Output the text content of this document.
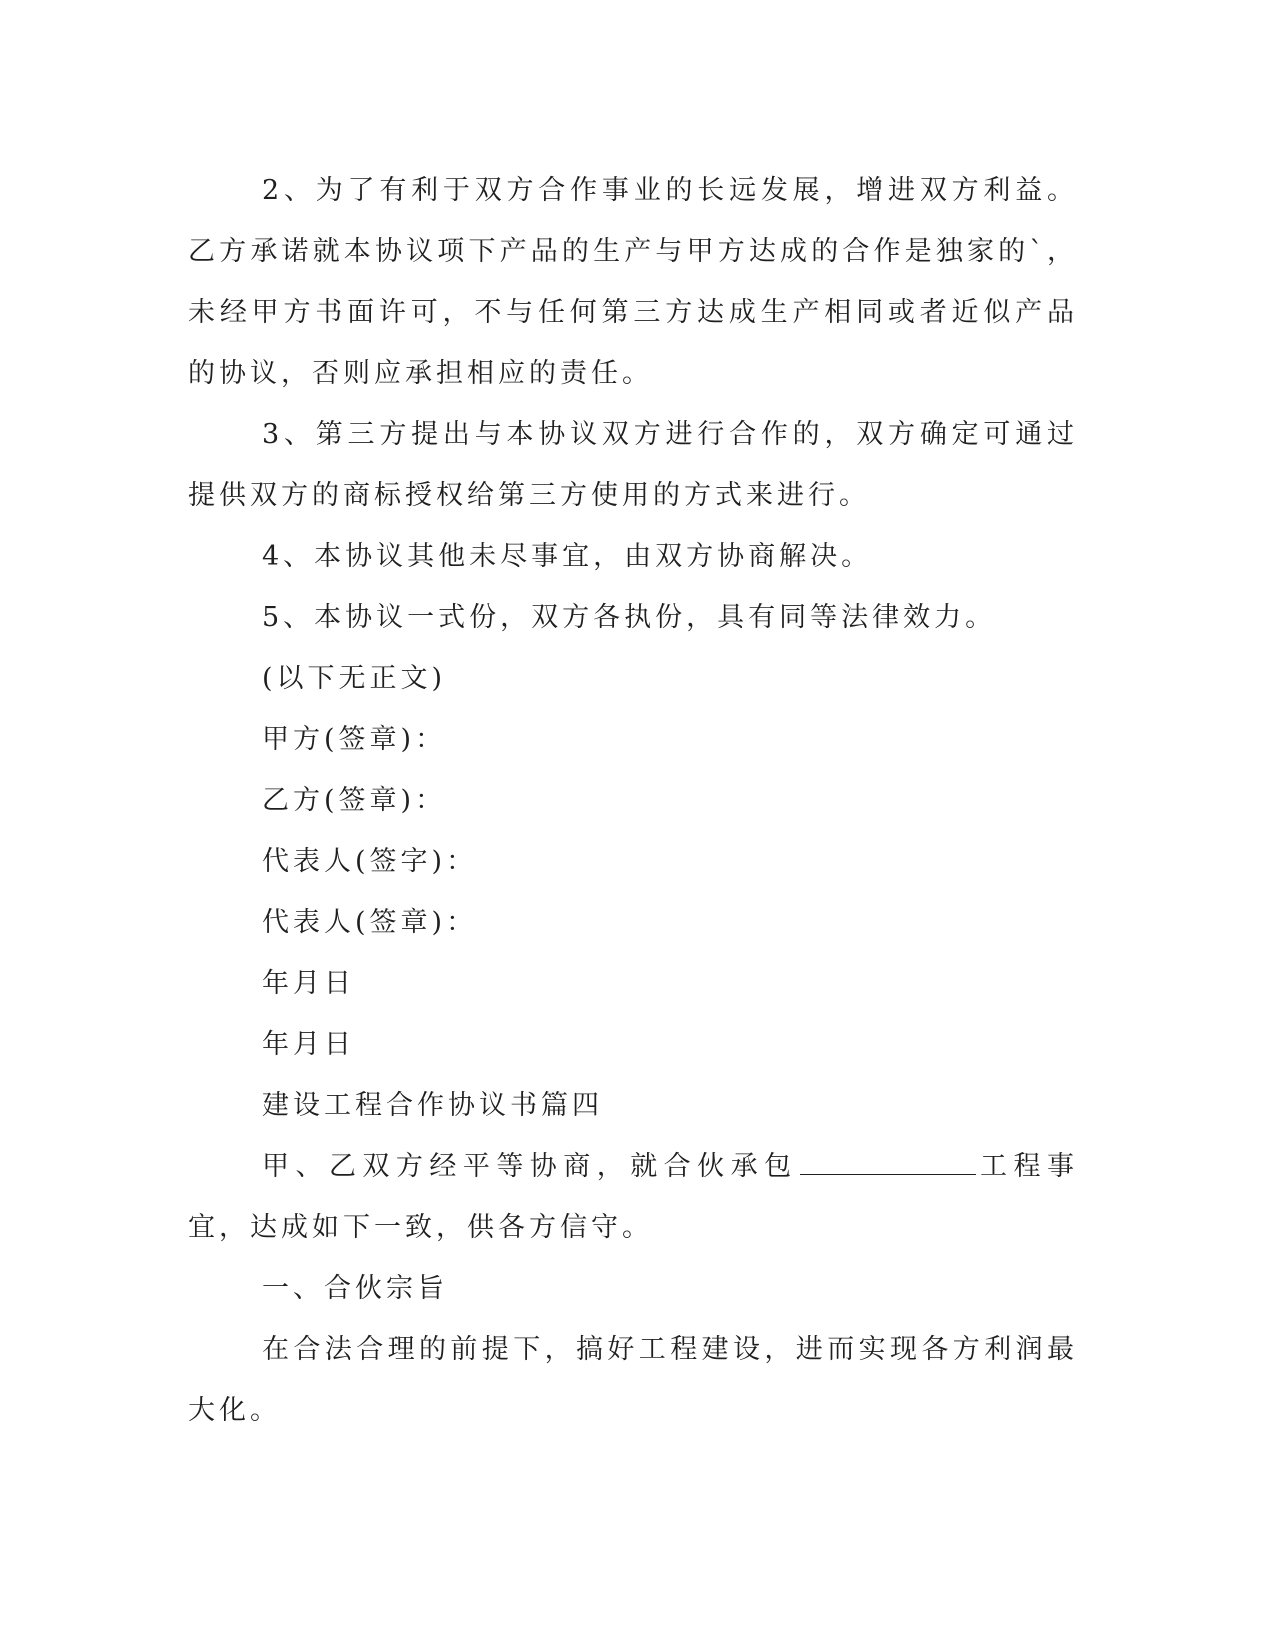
2、为了有利于双方合作事业的长远发展，增进双方利益。乙方承诺就本协议项下产品的生产与甲方达成的合作是独家的`，未经甲方书面许可，不与任何第三方达成生产相同或者近似产品的协议，否则应承担相应的责任。

3、第三方提出与本协议双方进行合作的，双方确定可通过提供双方的商标授权给第三方使用的方式来进行。

4、本协议其他未尽事宜，由双方协商解决。

5、本协议一式份，双方各执份，具有同等法律效力。

(以下无正文)

甲方(签章)：

乙方(签章)：

代表人(签字)：

代表人(签章)：

年月日

年月日

建设工程合作协议书篇四

甲、乙双方经平等协商，就合伙承包	工程事宜，达成如下一致，供各方信守。

一、合伙宗旨

在合法合理的前提下，搞好工程建设，进而实现各方利润最大化。
